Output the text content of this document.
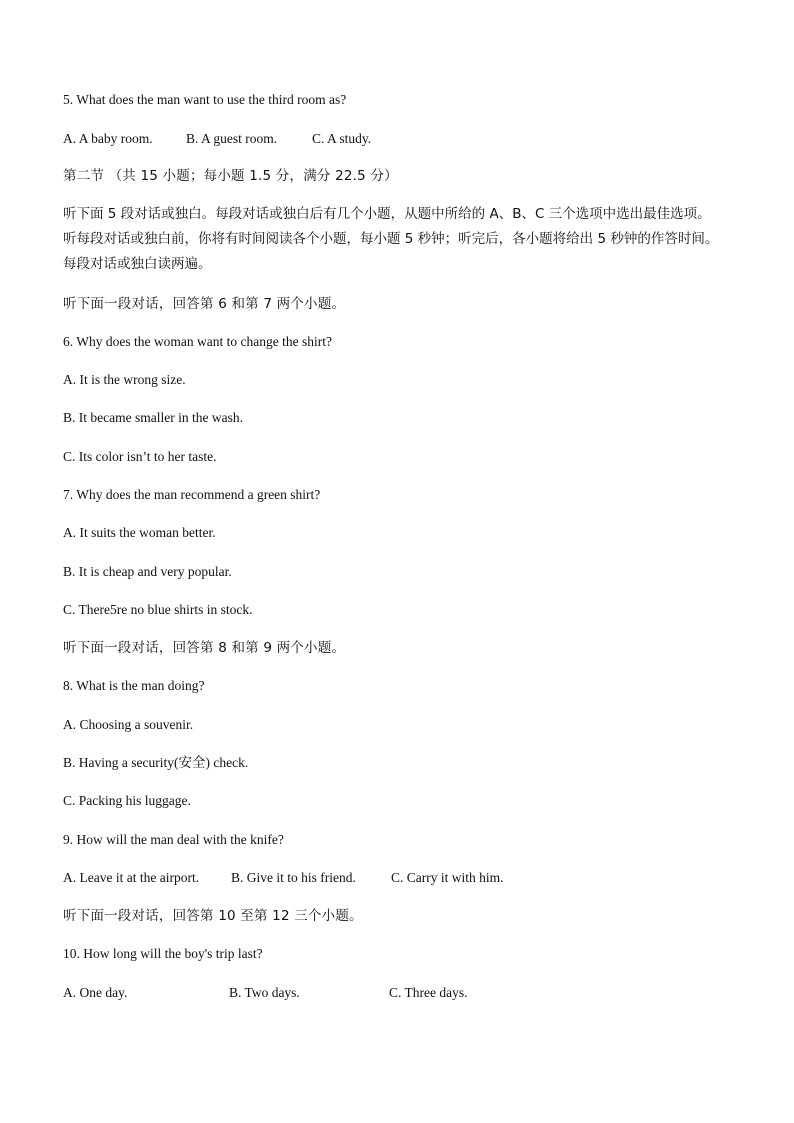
5. What does the man want to use the third room as?
A. A baby room. B. A guest room.	C. A study.
第二节 （共 15 小题；每小题 1.5 分，满分 22.5 分）
听下面 5 段对话或独白。每段对话或独白后有几个小题，从题中所给的 A、B、C 三个选项中选出最佳选项。
听每段对话或独白前，你将有时间阅读各个小题，每小题 5 秒钟；听完后，各小题将给出 5 秒钟的作答时间。
每段对话或独白读两遍。
听下面一段对话，回答第 6 和第 7 两个小题。
6. Why does the woman want to change the shirt?
A. It is the wrong size.
B. It became smaller in the wash.
C. Its color isn’t to her taste.
7. Why does the man recommend a green shirt?
A. It suits the woman better.
B. It is cheap and very popular.
C. There5re no blue shirts in stock.
听下面一段对话，回答第 8 和第 9 两个小题。
8. What is the man doing?
A. Choosing a souvenir.
B. Having a security(安全) check.
C. Packing his luggage.
9. How will the man deal with the knife?
A. Leave it at the airport. B. Give it to his friend.	C. Carry it with him.
听下面一段对话，回答第 10 至第 12 三个小题。
10. How long will the boy's trip last?
A. One day.	B. Two days.	C. Three days.
